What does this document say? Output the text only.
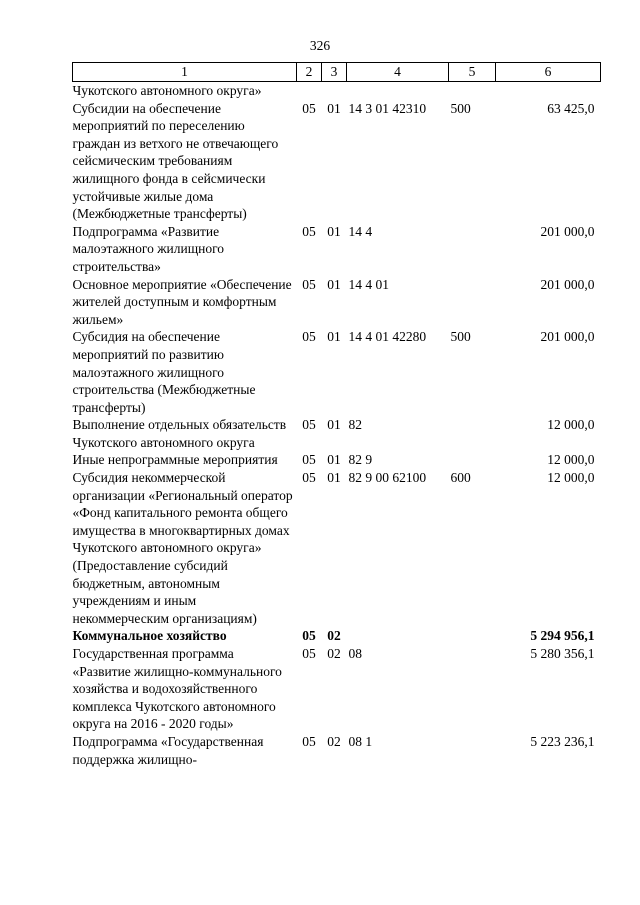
326
1	2	3	4	5	6
Чукотского автономного округа»					
Субсидии на обеспечение мероприятий по переселению граждан из ветхого не отвечающего сейсмическим требованиям жилищного фонда в сейсмически устойчивые жилые дома (Межбюджетные трансферты)	05	01	14 3 01 42310	500	63 425,0
Подпрограмма «Развитие малоэтажного жилищного строительства»	05	01	14 4		201 000,0
Основное мероприятие «Обеспечение жителей доступным и комфортным жильем»	05	01	14 4 01		201 000,0
Субсидия на обеспечение мероприятий по развитию малоэтажного жилищного строительства (Межбюджетные трансферты)	05	01	14 4 01 42280	500	201 000,0
Выполнение отдельных обязательств Чукотского автономного округа	05	01	82		12 000,0
Иные непрограммные мероприятия	05	01	82 9		12 000,0
Субсидия некоммерческой организации «Региональный оператор «Фонд капитального ремонта общего имущества в многоквартирных домах Чукотского автономного округа» (Предоставление субсидий бюджетным, автономным учреждениям и иным некоммерческим организациям)	05	01	82 9 00 62100	600	12 000,0
Коммунальное хозяйство	05	02			5 294 956,1
Государственная программа «Развитие жилищно-коммунального хозяйства и водохозяйственного комплекса Чукотского автономного округа на 2016 - 2020 годы»	05	02	08		5 280 356,1
Подпрограмма «Государственная поддержка жилищно-	05	02	08 1		5 223 236,1
